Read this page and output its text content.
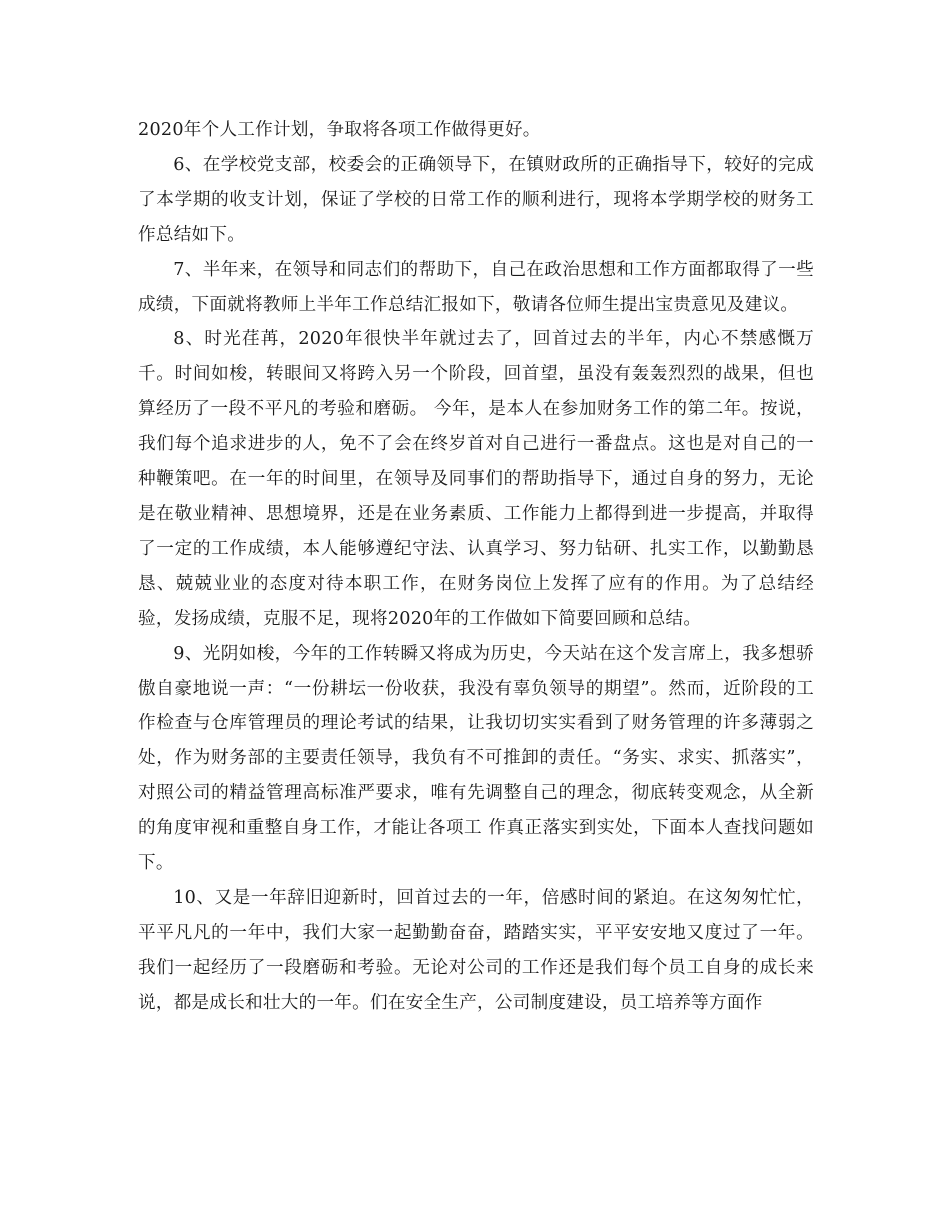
2020年个人工作计划，争取将各项工作做得更好。

6、在学校党支部，校委会的正确领导下，在镇财政所的正确指导下，较好的完成了本学期的收支计划，保证了学校的日常工作的顺利进行，现将本学期学校的财务工作总结如下。

7、半年来，在领导和同志们的帮助下，自己在政治思想和工作方面都取得了一些成绩，下面就将教师上半年工作总结汇报如下，敬请各位师生提出宝贵意见及建议。

8、时光荏苒，2020年很快半年就过去了，回首过去的半年，内心不禁感慨万千。时间如梭，转眼间又将跨入另一个阶段，回首望，虽没有轰轰烈烈的战果，但也算经历了一段不平凡的考验和磨砺。 今年，是本人在参加财务工作的第二年。按说，我们每个追求进步的人，免不了会在终岁首对自己进行一番盘点。这也是对自己的一种鞭策吧。在一年的时间里，在领导及同事们的帮助指导下，通过自身的努力，无论是在敬业精神、思想境界，还是在业务素质、工作能力上都得到进一步提高，并取得了一定的工作成绩，本人能够遵纪守法、认真学习、努力钻研、扎实工作，以勤勤恳恳、兢兢业业的态度对待本职工作，在财务岗位上发挥了应有的作用。为了总结经验，发扬成绩，克服不足，现将2020年的工作做如下简要回顾和总结。

9、光阴如梭，今年的工作转瞬又将成为历史，今天站在这个发言席上，我多想骄傲自豪地说一声：“一份耕坛一份收获，我没有辜负领导的期望”。然而，近阶段的工作检查与仓库管理员的理论考试的结果，让我切切实实看到了财务管理的许多薄弱之处，作为财务部的主要责任领导，我负有不可推卸的责任。“务实、求实、抓落实”，对照公司的精益管理高标准严要求，唯有先调整自己的理念，彻底转变观念，从全新的角度审视和重整自身工作，才能让各项工 作真正落实到实处，下面本人查找问题如下。

10、又是一年辞旧迎新时，回首过去的一年，倍感时间的紧迫。在这匆匆忙忙，平平凡凡的一年中，我们大家一起勤勤奋奋，踏踏实实，平平安安地又度过了一年。我们一起经历了一段磨砺和考验。无论对公司的工作还是我们每个员工自身的成长来说，都是成长和壮大的一年。们在安全生产，公司制度建设，员工培养等方面作
